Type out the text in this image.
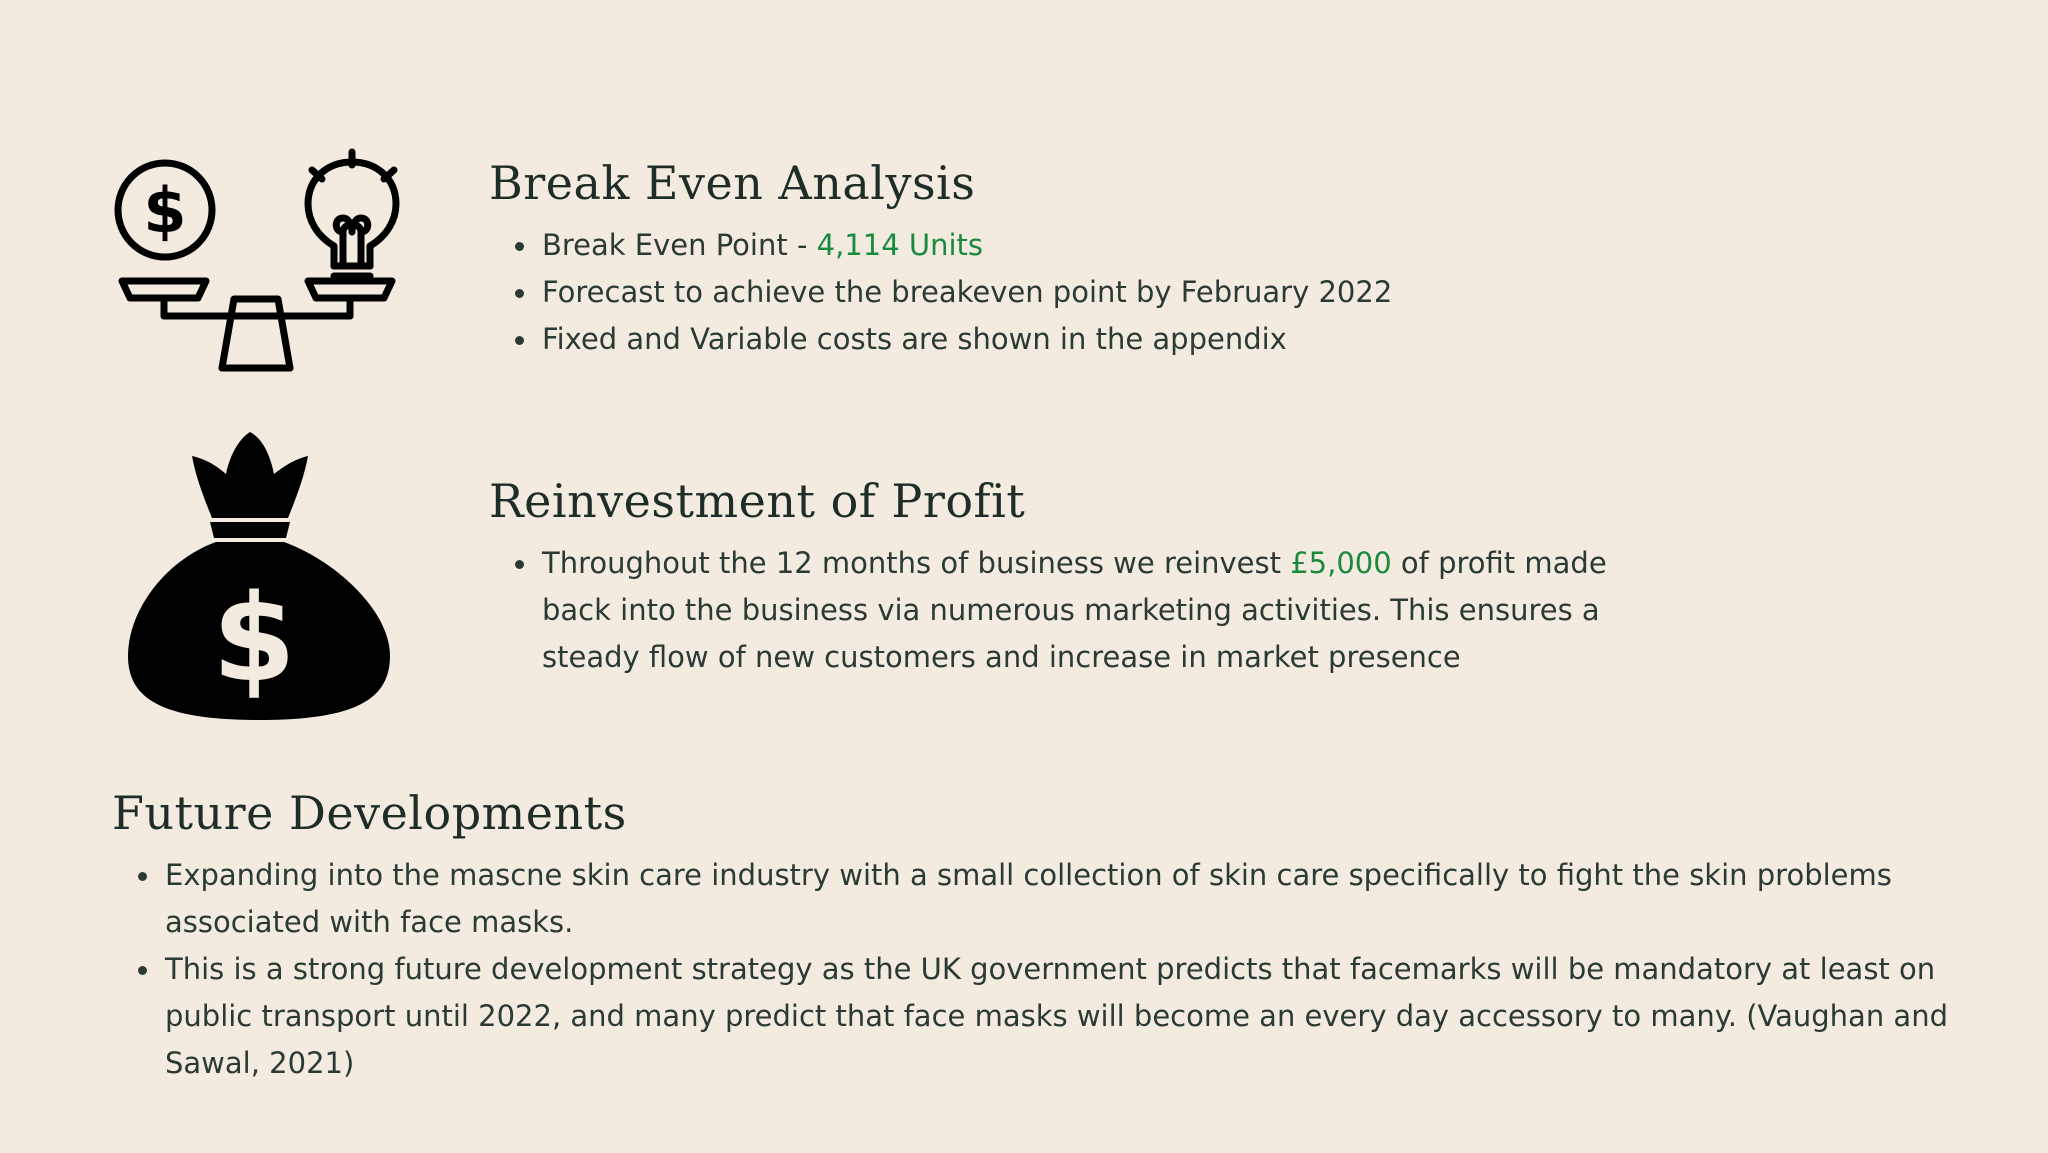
$	Break Even Analysis
Break Even Point - 4,114 Units
Forecast to achieve the breakeven point by February 2022
Fixed and Variable costs are shown in the appendix
$
Reinvestment of Profit
Throughout the 12 months of business we reinvest £5,000 of profit made back into the business via numerous marketing activities. This ensures a steady flow of new customers and increase in market presence
Future Developments
Expanding into the mascne skin care industry with a small collection of skin care specifically to fight the skin problems associated with face masks.
This is a strong future development strategy as the UK government predicts that facemarks will be mandatory at least on public transport until 2022, and many predict that face masks will become an every day accessory to many. (Vaughan and Sawal, 2021)
